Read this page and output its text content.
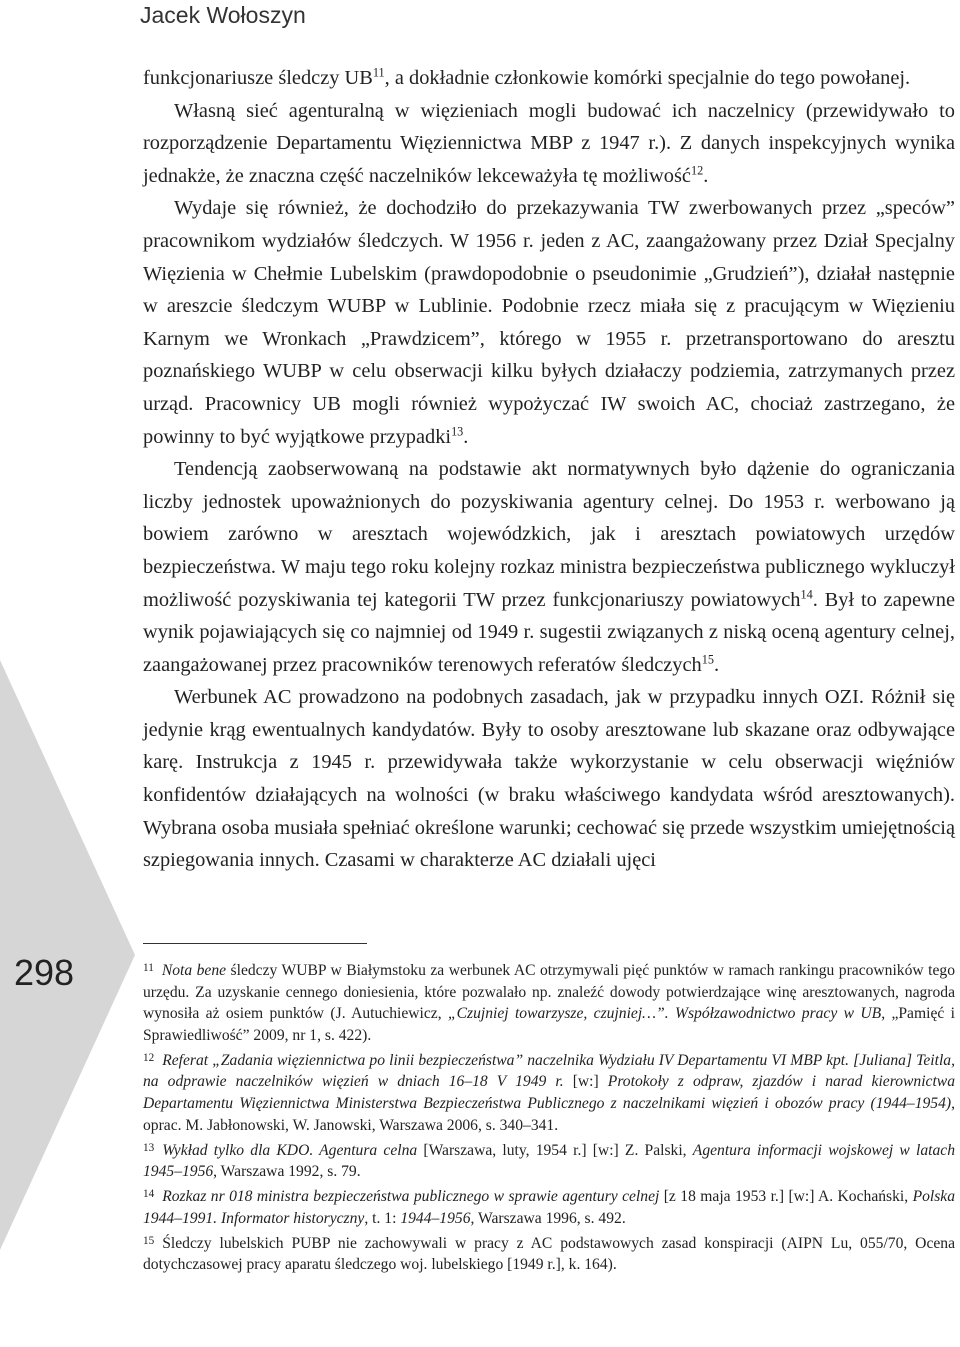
Jacek Wołoszyn
298

funkcjonariusze śledczy UB$^{11}$, a dokładnie członkowie komórki specjalnie do tego powołanej.

Własną sieć agenturalną w więzieniach mogli budować ich naczelnicy (przewidywało to rozporządzenie Departamentu Więziennictwa MBP z 1947 r.). Z danych inspekcyjnych wynika jednakże, że znaczna część naczelników lekceważyła tę możliwość$^{12}$.

Wydaje się również, że dochodziło do przekazywania TW zwerbowanych przez „speców” pracownikom wydziałów śledczych. W 1956 r. jeden z AC, zaangażowany przez Dział Specjalny Więzienia w Chełmie Lubelskim (prawdopodobnie o pseudonimie „Grudzień”), działał następnie w areszcie śledczym WUBP w Lublinie. Podobnie rzecz miała się z pracującym w Więzieniu Karnym we Wronkach „Prawdzicem”, którego w 1955 r. przetransportowano do aresztu poznańskiego WUBP w celu obserwacji kilku byłych działaczy podziemia, zatrzymanych przez urząd. Pracownicy UB mogli również wypożyczać IW swoich AC, chociaż zastrzegano, że powinny to być wyjątkowe przypadki$^{13}$.

Tendencją zaobserwowaną na podstawie akt normatywnych było dążenie do ograniczania liczby jednostek upoważnionych do pozyskiwania agentury celnej. Do 1953 r. werbowano ją bowiem zarówno w aresztach wojewódzkich, jak i aresztach powiatowych urzędów bezpieczeństwa. W maju tego roku kolejny rozkaz ministra bezpieczeństwa publicznego wykluczył możliwość pozyskiwania tej kategorii TW przez funkcjonariuszy powiatowych$^{14}$. Był to zapewne wynik pojawiających się co najmniej od 1949 r. sugestii związanych z niską oceną agentury celnej, zaangażowanej przez pracowników terenowych referatów śledczych$^{15}$.

Werbunek AC prowadzono na podobnych zasadach, jak w przypadku innych OZI. Różnił się jedynie krąg ewentualnych kandydatów. Były to osoby aresztowane lub skazane oraz odbywające karę. Instrukcja z 1945 r. przewidywała także wykorzystanie w celu obserwacji więźniów konfidentów działających na wolności (w braku właściwego kandydata wśród aresztowanych). Wybrana osoba musiała spełniać określone warunki; cechować się przede wszystkim umiejętnością szpiegowania innych. Czasami w charakterze AC działali ujęci

$^{11}$ Nota bene śledczy WUBP w Białymstoku za werbunek AC otrzymywali pięć punktów w ramach rankingu pracowników tego urzędu. Za uzyskanie cennego doniesienia, które pozwalało np. znaleźć dowody potwierdzające winę aresztowanych, nagroda wynosiła aż osiem punktów (J. Autuchiewicz, „Czujniej towarzysze, czujniej…”. Współzawodnictwo pracy w UB, „Pamięć i Sprawiedliwość” 2009, nr 1, s. 422).

$^{12}$ Referat „Zadania więziennictwa po linii bezpieczeństwa” naczelnika Wydziału IV Departamentu VI MBP kpt. [Juliana] Teitla, na odprawie naczelników więzień w dniach 16–18 V 1949 r. [w:] Protokoły z odpraw, zjazdów i narad kierownictwa Departamentu Więziennictwa Ministerstwa Bezpieczeństwa Publicznego z naczelnikami więzień i obozów pracy (1944–1954), oprac. M. Jabłonowski, W. Janowski, Warszawa 2006, s. 340–341.

$^{13}$ Wykład tylko dla KDO. Agentura celna [Warszawa, luty, 1954 r.] [w:] Z. Palski, Agentura informacji wojskowej w latach 1945–1956, Warszawa 1992, s. 79.

$^{14}$ Rozkaz nr 018 ministra bezpieczeństwa publicznego w sprawie agentury celnej [z 18 maja 1953 r.] [w:] A. Kochański, Polska 1944–1991. Informator historyczny, t. 1: 1944–1956, Warszawa 1996, s. 492.

$^{15}$ Śledczy lubelskich PUBP nie zachowywali w pracy z AC podstawowych zasad konspiracji (AIPN Lu, 055/70, Ocena dotychczasowej pracy aparatu śledczego woj. lubelskiego [1949 r.], k. 164).
